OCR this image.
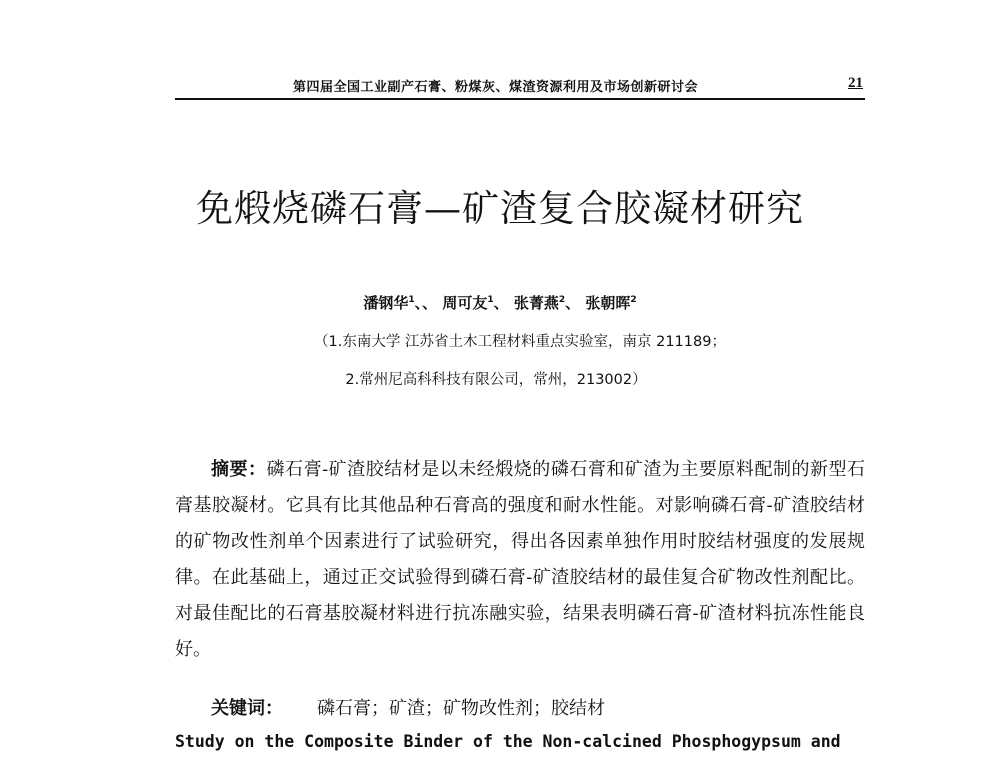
第四届全国工业副产石膏、粉煤灰、煤渣资源利用及市场创新研讨会	21
免煅烧磷石膏—矿渣复合胶凝材研究
潘钢华$^1$、、 周可友$^1$、 张菁燕$^2$、 张朝晖$^2$
（1.东南大学 江苏省土木工程材料重点实验室，南京 211189；
2.常州尼高科科技有限公司，常州，213002）
摘要：磷石膏-矿渣胶结材是以未经煅烧的磷石膏和矿渣为主要原料配制的新型石膏基胶凝材。它具有比其他品种石膏高的强度和耐水性能。对影响磷石膏-矿渣胶结材的矿物改性剂单个因素进行了试验研究，得出各因素单独作用时胶结材强度的发展规律。在此基础上，通过正交试验得到磷石膏-矿渣胶结材的最佳复合矿物改性剂配比。对最佳配比的石膏基胶凝材料进行抗冻融实验，结果表明磷石膏-矿渣材料抗冻性能良好。
关键词： 磷石膏；矿渣；矿物改性剂；胶结材
Study on the Composite Binder of the Non-calcined Phosphogypsum and
